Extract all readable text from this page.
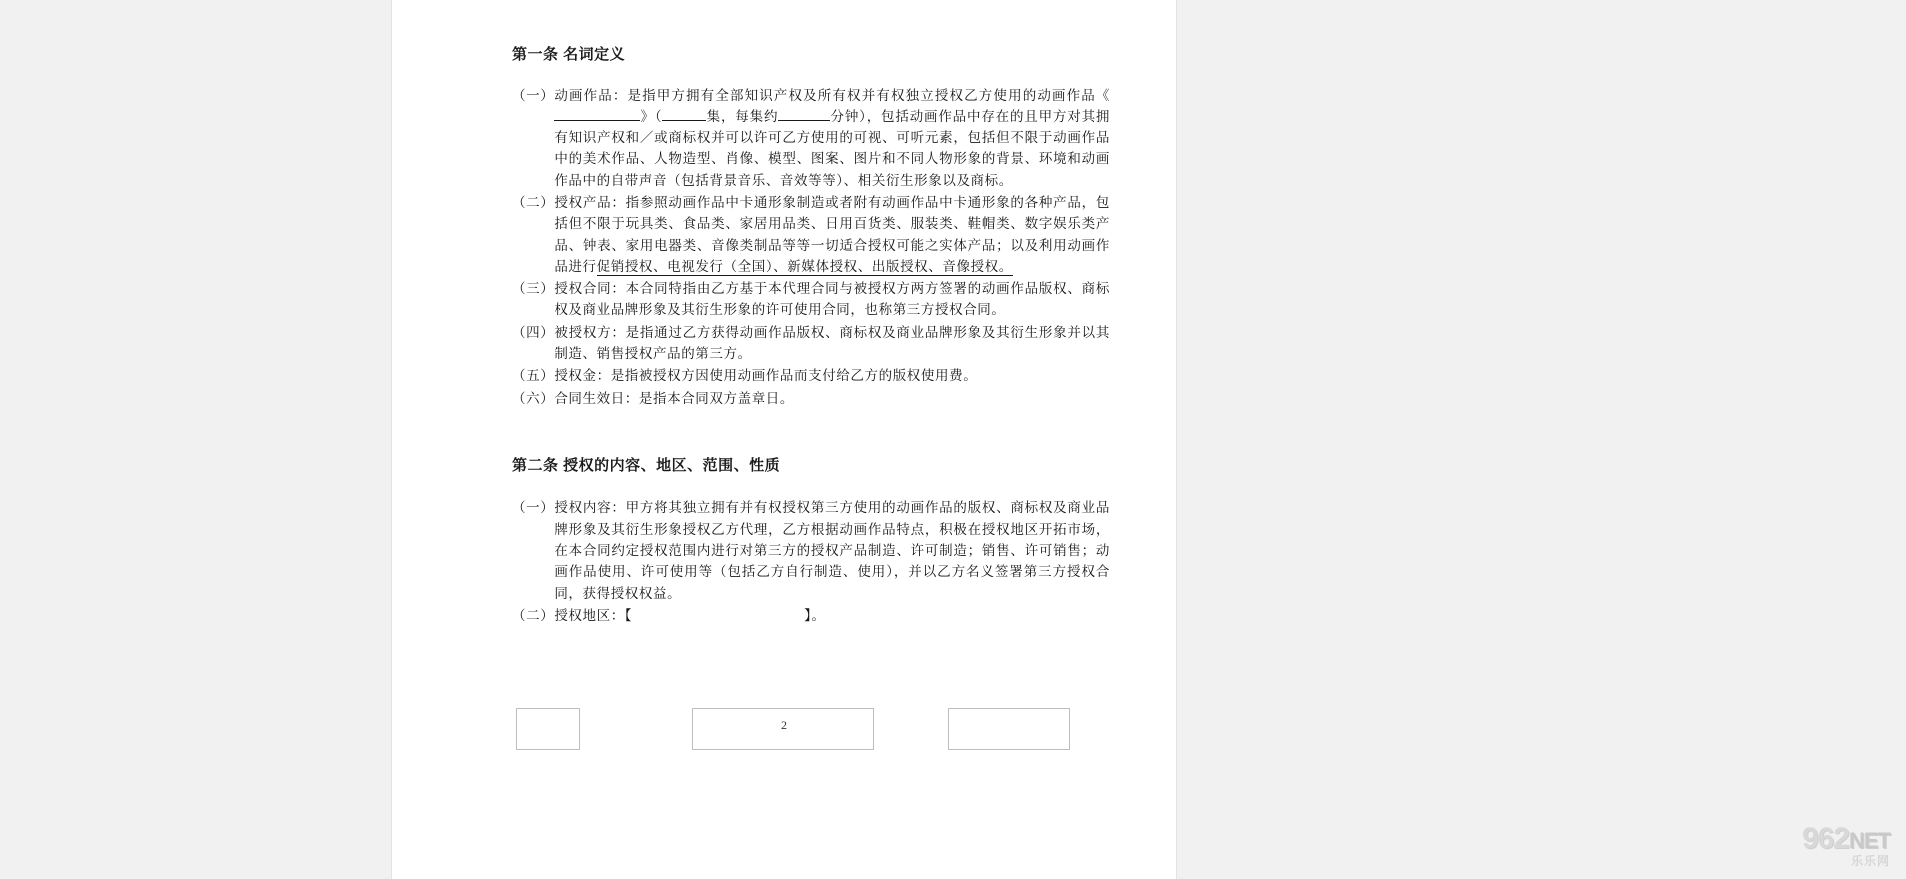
第一条 名词定义
（一） 动画作品：是指甲方拥有全部知识产权及所有权并有权独立授权乙方使用的动画作品《》（	集，每集约	分钟），包括动画作品中存在的且甲方对其拥有知识产权和／或商标权并可以许可乙方使用的可视、可听元素，包括但不限于动画作品中的美术作品、人物造型、肖像、模型、图案、图片和不同人物形象的背景、环境和动画作品中的自带声音（包括背景音乐、音效等等）、相关衍生形象以及商标。
（二） 授权产品：指参照动画作品中卡通形象制造或者附有动画作品中卡通形象的各种产品，包括但不限于玩具类、食品类、家居用品类、日用百货类、服装类、鞋帽类、数字娱乐类产品、钟表、家用电器类、音像类制品等等一切适合授权可能之实体产品；以及利用动画作品进行促销授权、电视发行（全国）、新媒体授权、出版授权、音像授权。
（三） 授权合同：本合同特指由乙方基于本代理合同与被授权方两方签署的动画作品版权、商标权及商业品牌形象及其衍生形象的许可使用合同，也称第三方授权合同。
（四） 被授权方：是指通过乙方获得动画作品版权、商标权及商业品牌形象及其衍生形象并以其制造、销售授权产品的第三方。
（五） 授权金：是指被授权方因使用动画作品而支付给乙方的版权使用费。
（六） 合同生效日：是指本合同双方盖章日。
第二条 授权的内容、地区、范围、性质
（一） 授权内容：甲方将其独立拥有并有权授权第三方使用的动画作品的版权、商标权及商业品牌形象及其衍生形象授权乙方代理，乙方根据动画作品特点，积极在授权地区开拓市场，在本合同约定授权范围内进行对第三方的授权产品制造、许可制造；销售、许可销售；动画作品使用、许可使用等（包括乙方自行制造、使用），并以乙方名义签署第三方授权合同，获得授权权益。
（二） 授权地区：【	】。
2
962NET
乐乐网
